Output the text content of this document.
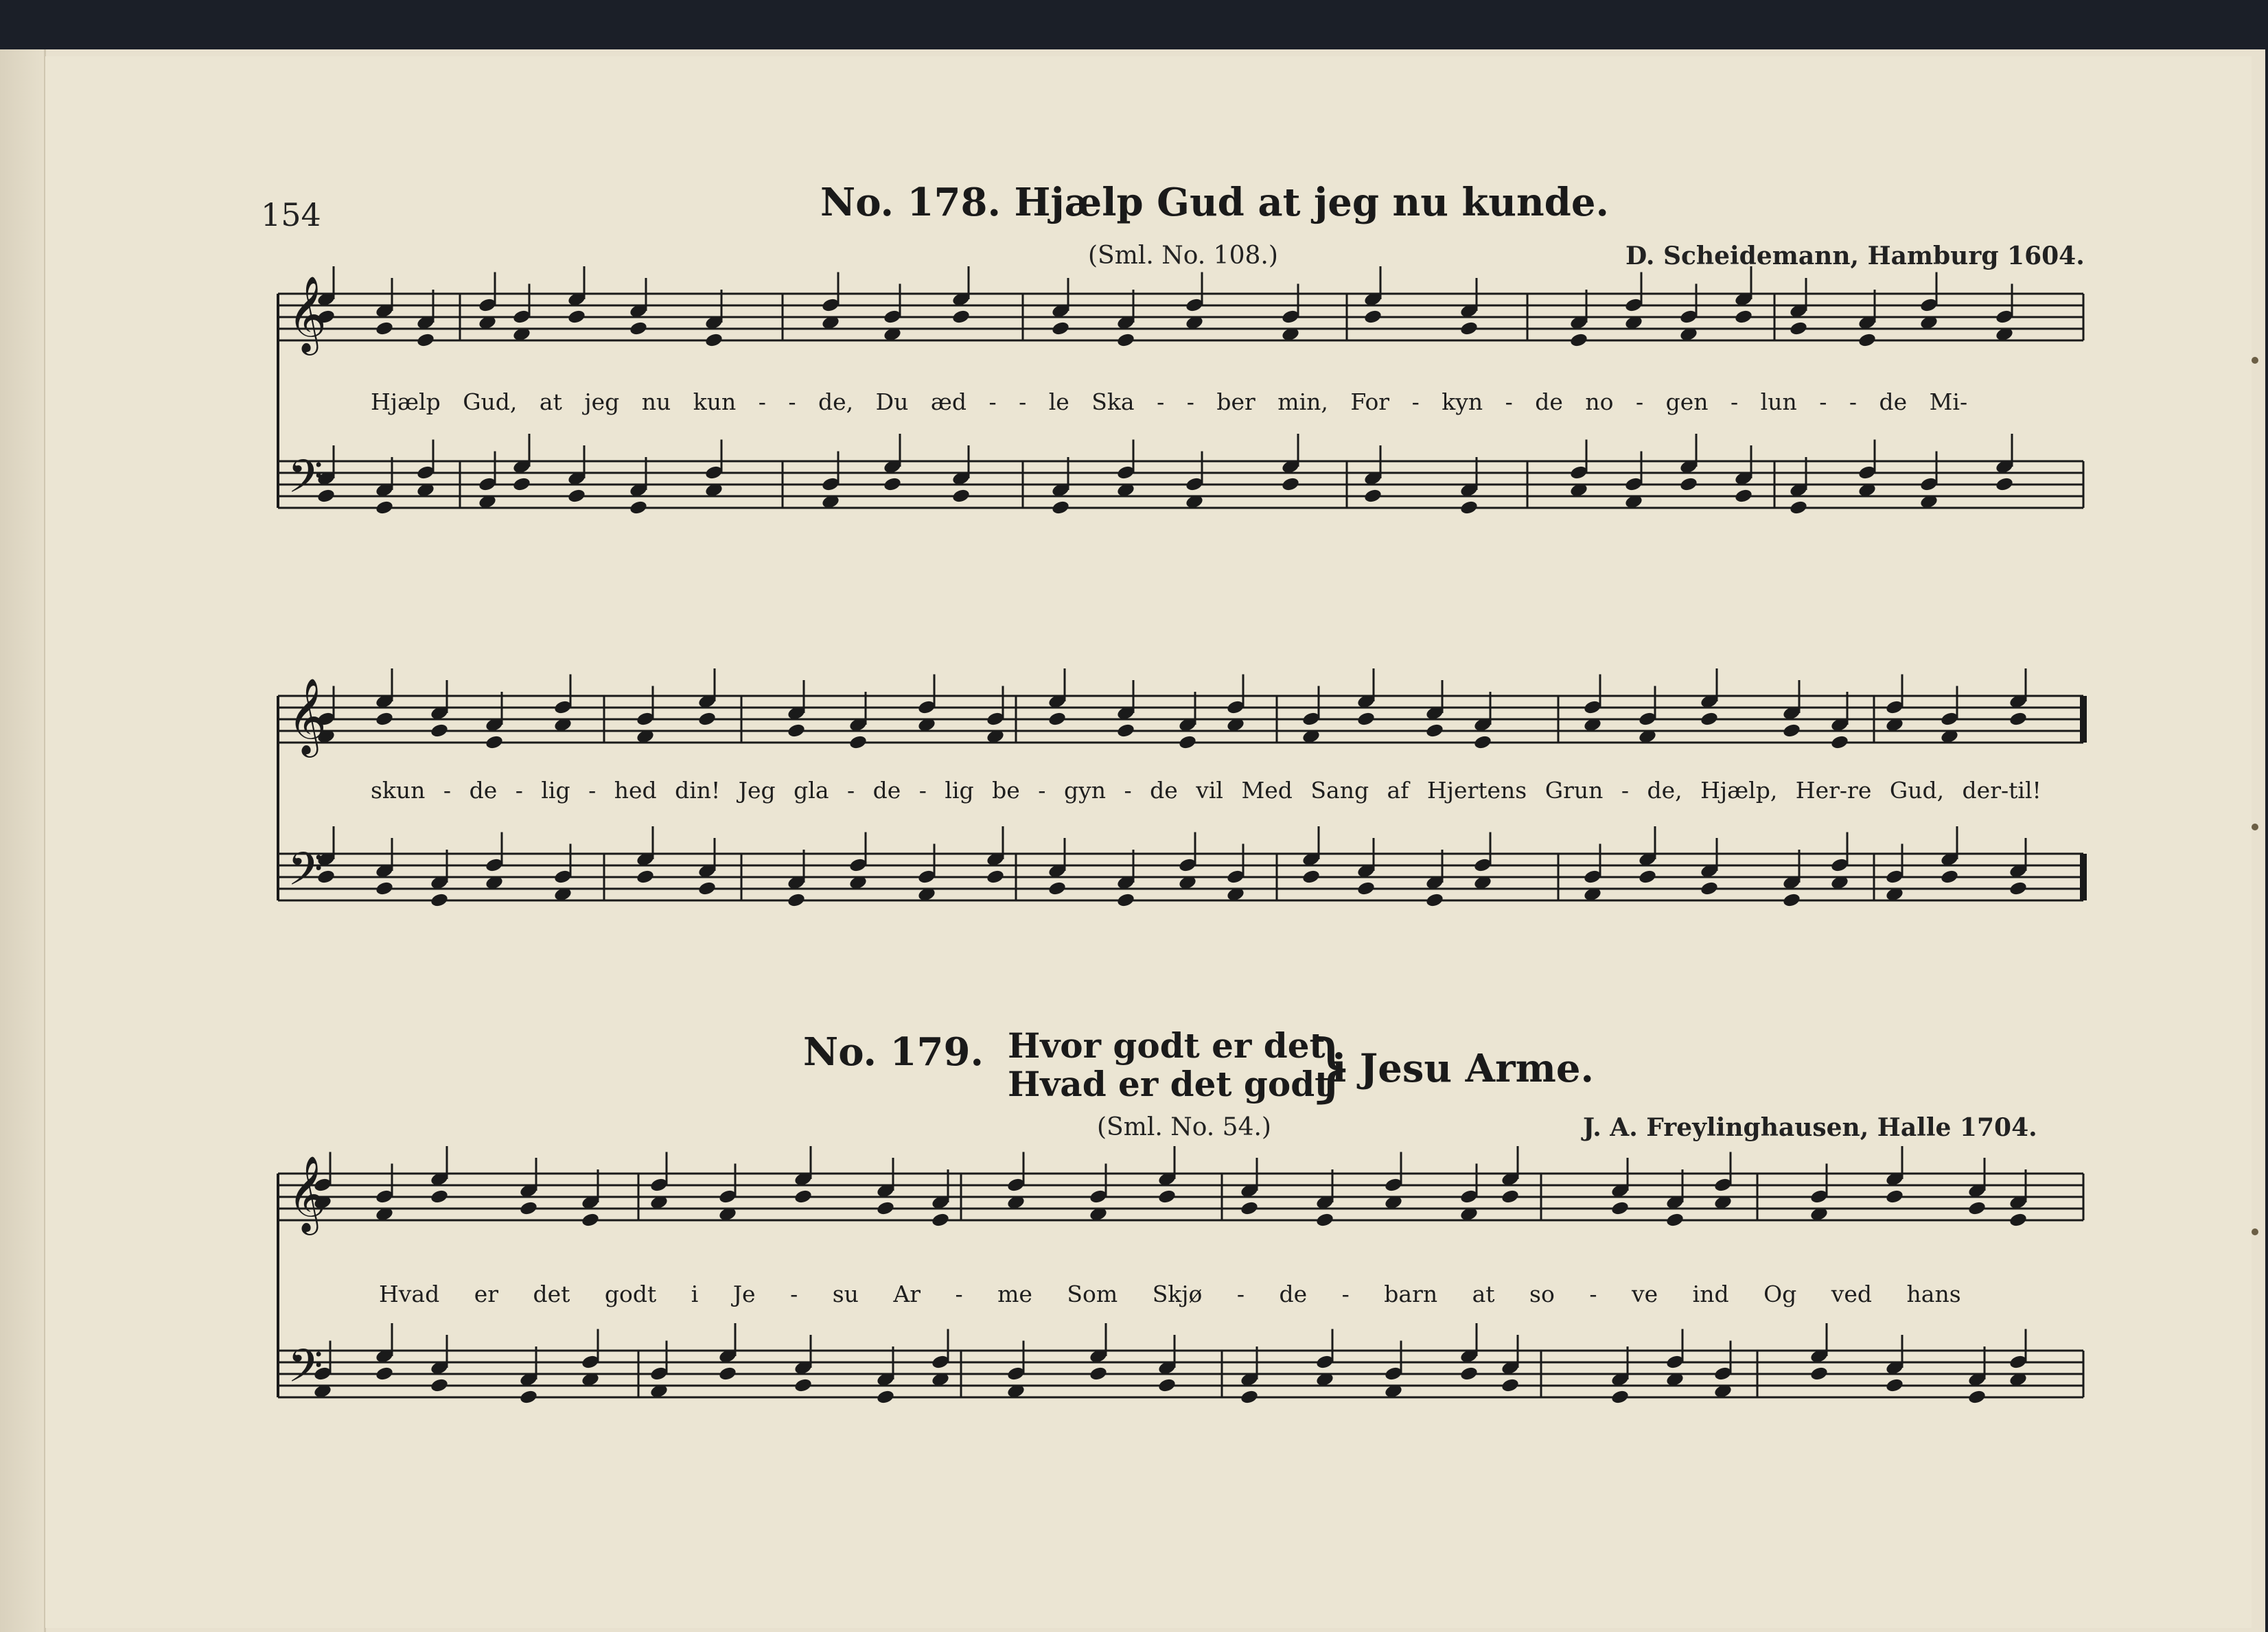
154	No. 178. Hjælp Gud at jeg nu kunde.
(Sml. No. 108.)	D. Scheidemann, Hamburg 1604.
No. 179. Hvor godt er det
Hvad er det godt
}
i Jesu Arme.
(Sml. No. 54.)	J. A. Freylinghausen, Halle 1704.
Hjælp Gud, at jeg nu kun - - de, Du æd - - le Ska - - ber min, For - kyn - de no - gen - lun - - de Mi-
skun - de - lig - hed din! Jeg gla - de - lig be - gyn - de vil Med Sang af Hjertens Grun - de, Hjælp, Her-re Gud, der-til!
Hvad er det godt i Je - su Ar - me Som Skjø - de - barn at so - ve ind Og ved hans
𝄞
𝄢
𝄞
𝄢
𝄞
𝄢
